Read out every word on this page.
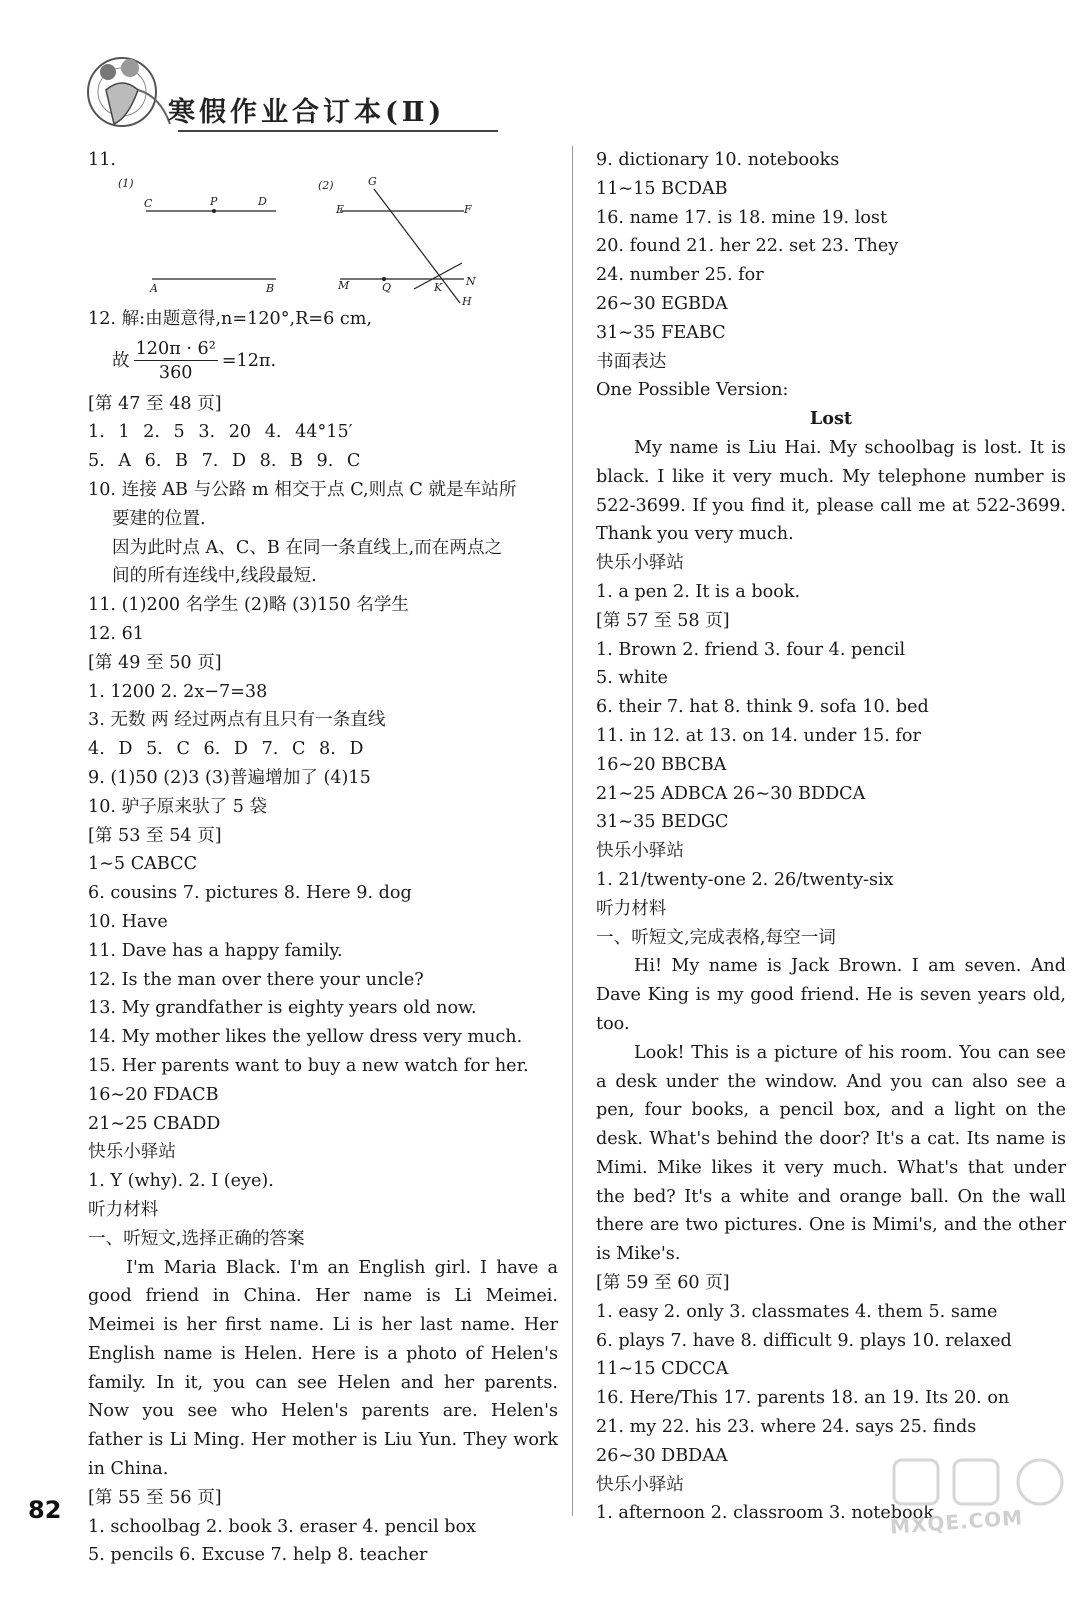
寒假作业合订本(Ⅱ)
11.
(1)
C	P	D
A	B
(2)	G
E	F
M	Q	K N
H
12. 解:由题意得,n=120°,R=6 cm,
故 $\frac{\text{120π · 6²}}{360} =12\pi$.
[第 47 至 48 页]
1. 1 2. 5 3. 20 4. 44°15′
5. A 6. B 7. D 8. B 9. C
10. 连接 AB 与公路 m 相交于点 C,则点 C 就是车站所
要建的位置.
因为此时点 A、C、B 在同一条直线上,而在两点之
间的所有连线中,线段最短.
11. (1)200 名学生 (2)略 (3)150 名学生
12. 61
[第 49 至 50 页]
1. 1200 2. 2x−7=38
3. 无数 两 经过两点有且只有一条直线
4. D 5. C 6. D 7. C 8. D
9. (1)50 (2)3 (3)普遍增加了 (4)15
10. 驴子原来驮了 5 袋
[第 53 至 54 页]
1∼5 CABCC
6. cousins 7. pictures 8. Here 9. dog
10. Have
11. Dave has a happy family.
12. Is the man over there your uncle?
13. My grandfather is eighty years old now.
14. My mother likes the yellow dress very much.
15. Her parents want to buy a new watch for her.
16∼20 FDACB
21∼25 CBADD
快乐小驿站
1. Y (why). 2. I (eye).
听力材料
一、听短文,选择正确的答案
I'm Maria Black. I'm an English girl. I have a good friend in China. Her name is Li Meimei. Meimei is her first name. Li is her last name. Her English name is Helen. Here is a photo of Helen's family. In it, you can see Helen and her parents. Now you see who Helen's parents are. Helen's father is Li Ming. Her mother is Liu Yun. They work in China.
[第 55 至 56 页]
1. schoolbag 2. book 3. eraser 4. pencil box
5. pencils 6. Excuse 7. help 8. teacher
9. dictionary 10. notebooks
11∼15 BCDAB
16. name 17. is 18. mine 19. lost
20. found 21. her 22. set 23. They
24. number 25. for
26∼30 EGBDA
31∼35 FEABC
书面表达
One Possible Version:
Lost
My name is Liu Hai. My schoolbag is lost. It is black. I like it very much. My telephone number is 522-3699. If you find it, please call me at 522-3699. Thank you very much.
快乐小驿站
1. a pen 2. It is a book.
[第 57 至 58 页]
1. Brown 2. friend 3. four 4. pencil
5. white
6. their 7. hat 8. think 9. sofa 10. bed
11. in 12. at 13. on 14. under 15. for
16∼20 BBCBA
21∼25 ADBCA 26∼30 BDDCA
31∼35 BEDGC
快乐小驿站
1. 21/twenty-one 2. 26/twenty-six
听力材料
一、听短文,完成表格,每空一词
Hi! My name is Jack Brown. I am seven. And Dave King is my good friend. He is seven years old, too.
Look! This is a picture of his room. You can see a desk under the window. And you can also see a pen, four books, a pencil box, and a light on the desk. What's behind the door? It's a cat. Its name is Mimi. Mike likes it very much. What's that under the bed? It's a white and orange ball. On the wall there are two pictures. One is Mimi's, and the other is Mike's.
[第 59 至 60 页]
1. easy 2. only 3. classmates 4. them 5. same
6. plays 7. have 8. difficult 9. plays 10. relaxed
11∼15 CDCCA
16. Here/This 17. parents 18. an 19. Its 20. on
21. my 22. his 23. where 24. says 25. finds
26∼30 DBDAA
快乐小驿站
1. afternoon 2. classroom 3. notebook
82	MXQE.COM
